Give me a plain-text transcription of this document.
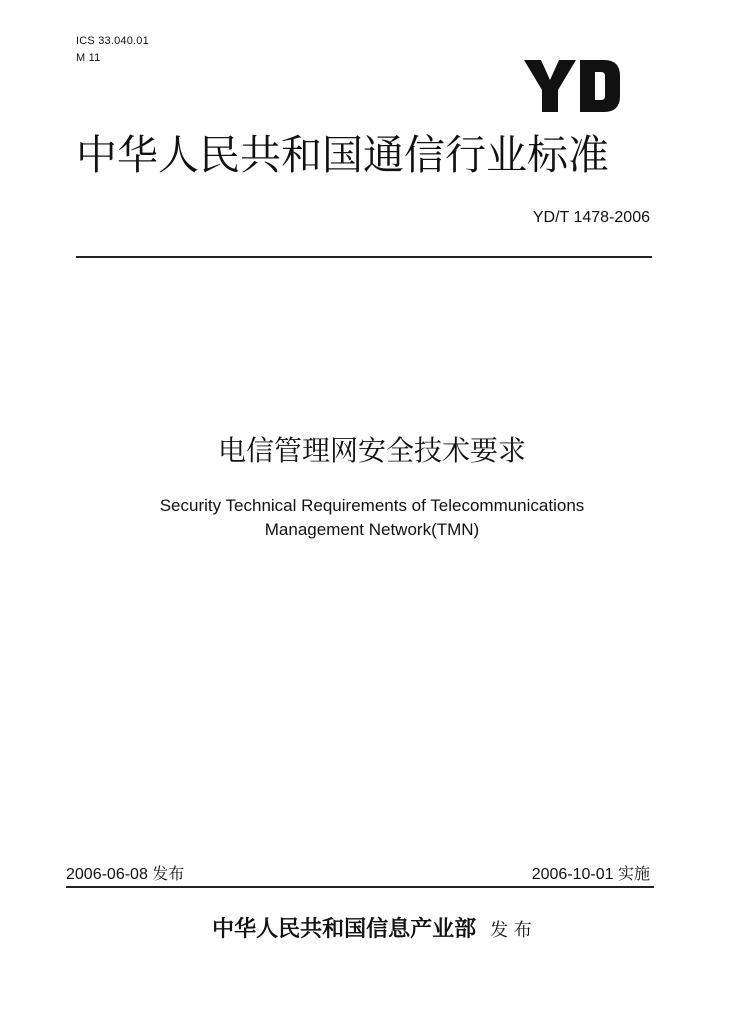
ICS 33.040.01
M 11
中华人民共和国通信行业标准
YD/T 1478-2006
电信管理网安全技术要求
Security Technical Requirements of Telecommunications
Management Network(TMN)
2006-06-08 发布	2006-10-01 实施
中华人民共和国信息产业部 发 布
